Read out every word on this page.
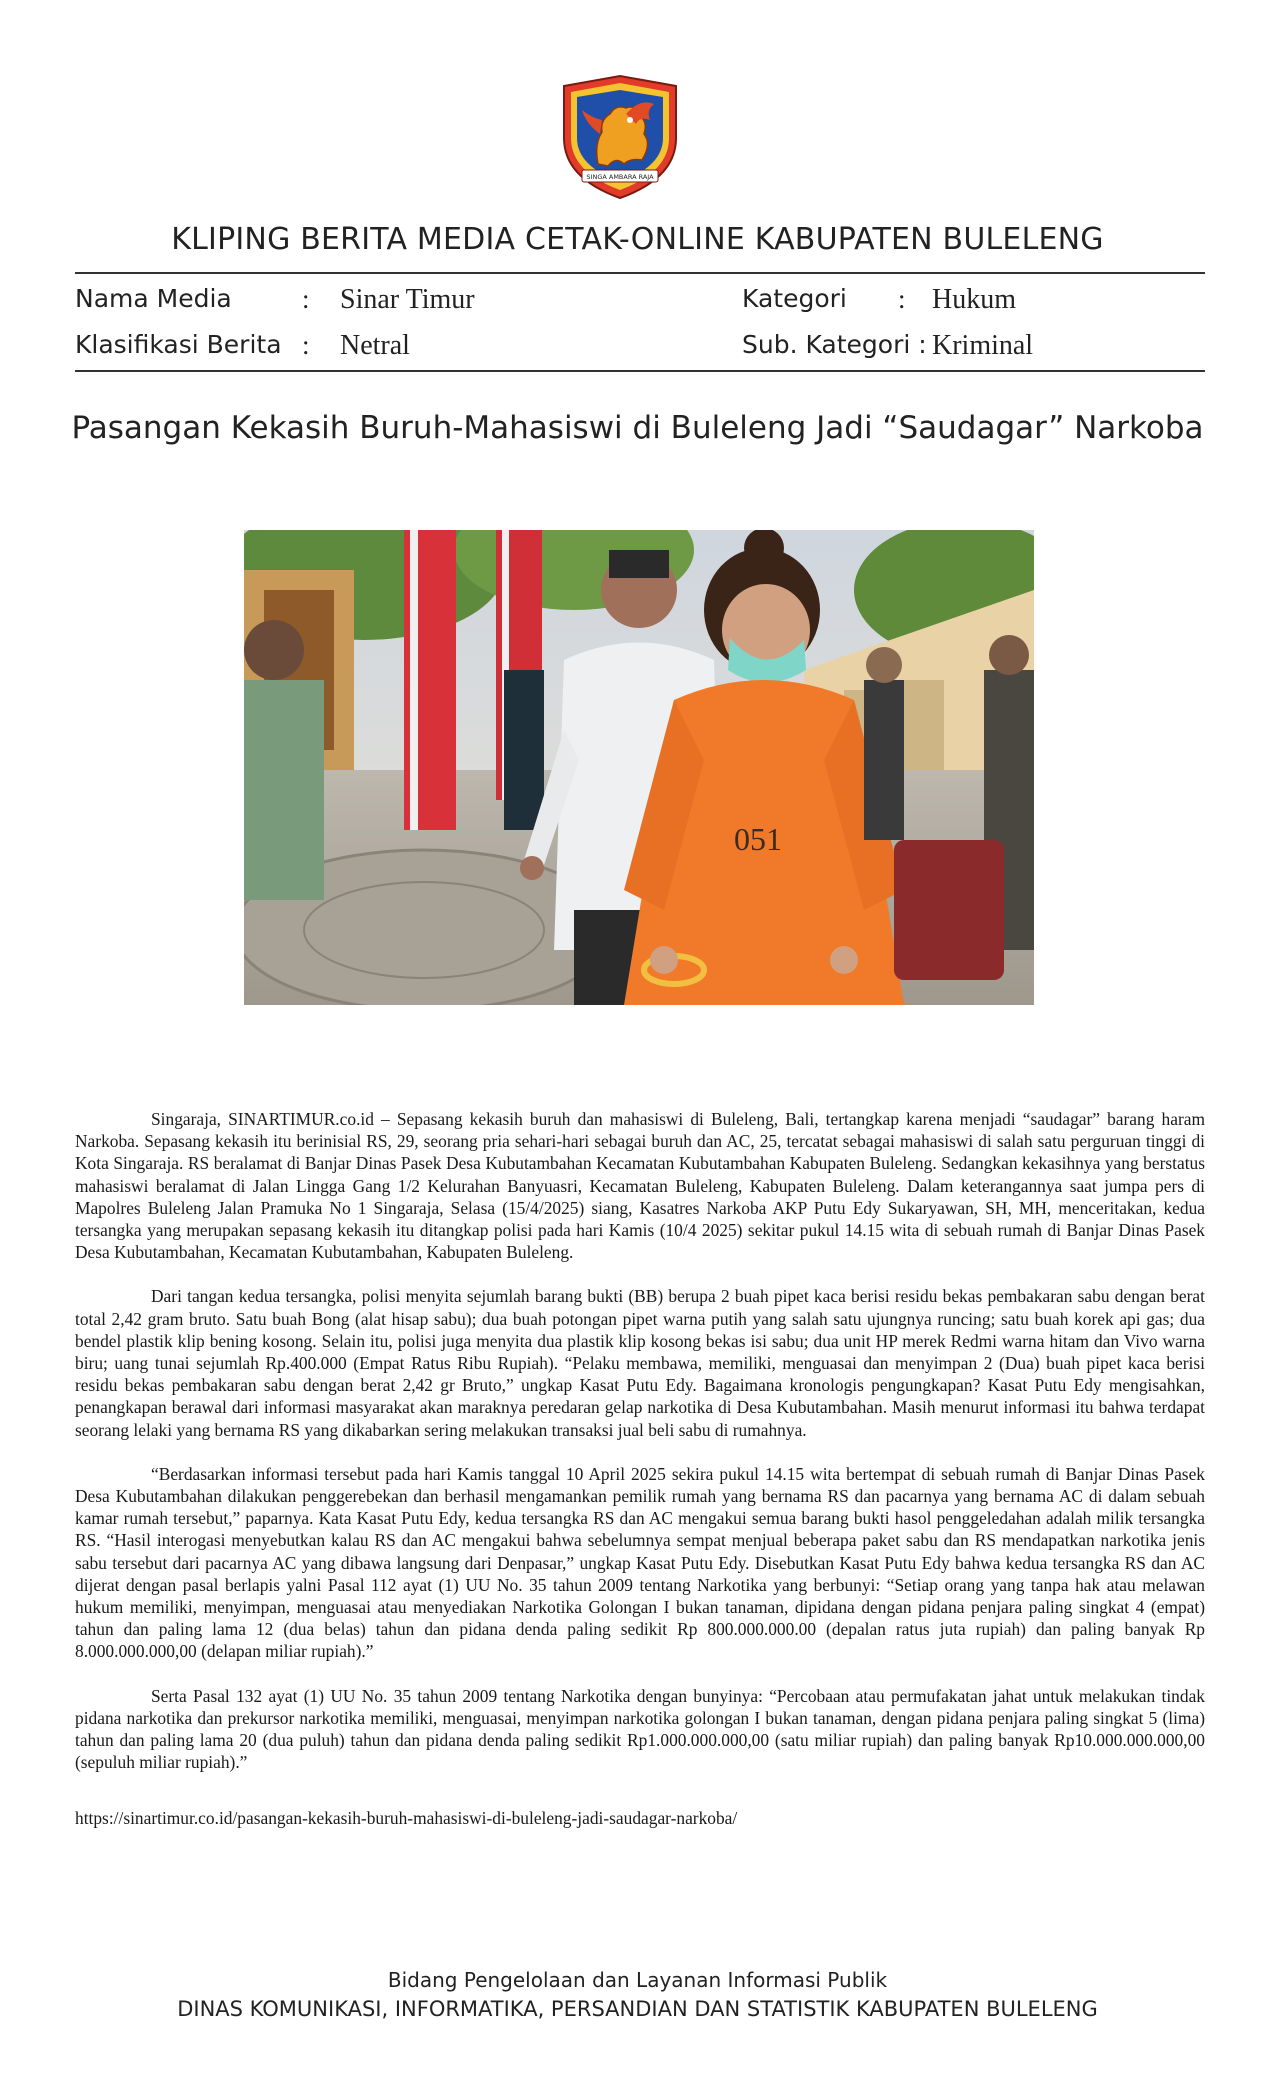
SINGA AMBARA RAJA
KLIPING BERITA MEDIA CETAK-ONLINE KABUPATEN BULELENG
Nama Media	: Sinar Timur
Klasifikasi Berita : Netral
Kategori : Hukum
Sub. Kategori : Kriminal
Pasangan Kekasih Buruh-Mahasiswi di Buleleng Jadi “Saudagar” Narkoba
051

Singaraja, SINARTIMUR.co.id – Sepasang kekasih buruh dan mahasiswi di Buleleng, Bali, tertangkap karena menjadi “saudagar” barang haram Narkoba. Sepasang kekasih itu berinisial RS, 29, seorang pria sehari-hari sebagai buruh dan AC, 25, tercatat sebagai mahasiswi di salah satu perguruan tinggi di Kota Singaraja. RS beralamat di Banjar Dinas Pasek Desa Kubutambahan Kecamatan Kubutambahan Kabupaten Buleleng. Sedangkan kekasihnya yang berstatus mahasiswi beralamat di Jalan Lingga Gang 1/2 Kelurahan Banyuasri, Kecamatan Buleleng, Kabupaten Buleleng. Dalam keterangannya saat jumpa pers di Mapolres Buleleng Jalan Pramuka No 1 Singaraja, Selasa (15/4/2025) siang, Kasatres Narkoba AKP Putu Edy Sukaryawan, SH, MH, menceritakan, kedua tersangka yang merupakan sepasang kekasih itu ditangkap polisi pada hari Kamis (10/4 2025) sekitar pukul 14.15 wita di sebuah rumah di Banjar Dinas Pasek Desa Kubutambahan, Kecamatan Kubutambahan, Kabupaten Buleleng.

Dari tangan kedua tersangka, polisi menyita sejumlah barang bukti (BB) berupa 2 buah pipet kaca berisi residu bekas pembakaran sabu dengan berat total 2,42 gram bruto. Satu buah Bong (alat hisap sabu); dua buah potongan pipet warna putih yang salah satu ujungnya runcing; satu buah korek api gas; dua bendel plastik klip bening kosong. Selain itu, polisi juga menyita dua plastik klip kosong bekas isi sabu; dua unit HP merek Redmi warna hitam dan Vivo warna biru; uang tunai sejumlah Rp.400.000 (Empat Ratus Ribu Rupiah). “Pelaku membawa, memiliki, menguasai dan menyimpan 2 (Dua) buah pipet kaca berisi residu bekas pembakaran sabu dengan berat 2,42 gr Bruto,” ungkap Kasat Putu Edy. Bagaimana kronologis pengungkapan? Kasat Putu Edy mengisahkan, penangkapan berawal dari informasi masyarakat akan maraknya peredaran gelap narkotika di Desa Kubutambahan. Masih menurut informasi itu bahwa terdapat seorang lelaki yang bernama RS yang dikabarkan sering melakukan transaksi jual beli sabu di rumahnya.

“Berdasarkan informasi tersebut pada hari Kamis tanggal 10 April 2025 sekira pukul 14.15 wita bertempat di sebuah rumah di Banjar Dinas Pasek Desa Kubutambahan dilakukan penggerebekan dan berhasil mengamankan pemilik rumah yang bernama RS dan pacarnya yang bernama AC di dalam sebuah kamar rumah tersebut,” paparnya. Kata Kasat Putu Edy, kedua tersangka RS dan AC mengakui semua barang bukti hasol penggeledahan adalah milik tersangka RS. “Hasil interogasi menyebutkan kalau RS dan AC mengakui bahwa sebelumnya sempat menjual beberapa paket sabu dan RS mendapatkan narkotika jenis sabu tersebut dari pacarnya AC yang dibawa langsung dari Denpasar,” ungkap Kasat Putu Edy. Disebutkan Kasat Putu Edy bahwa kedua tersangka RS dan AC dijerat dengan pasal berlapis yalni Pasal 112 ayat (1) UU No. 35 tahun 2009 tentang Narkotika yang berbunyi: “Setiap orang yang tanpa hak atau melawan hukum memiliki, menyimpan, menguasai atau menyediakan Narkotika Golongan I bukan tanaman, dipidana dengan pidana penjara paling singkat 4 (empat) tahun dan paling lama 12 (dua belas) tahun dan pidana denda paling sedikit Rp 800.000.000.00 (depalan ratus juta rupiah) dan paling banyak Rp 8.000.000.000,00 (delapan miliar rupiah).”

Serta Pasal 132 ayat (1) UU No. 35 tahun 2009 tentang Narkotika dengan bunyinya: “Percobaan atau permufakatan jahat untuk melakukan tindak pidana narkotika dan prekursor narkotika memiliki, menguasai, menyimpan narkotika golongan I bukan tanaman, dengan pidana penjara paling singkat 5 (lima) tahun dan paling lama 20 (dua puluh) tahun dan pidana denda paling sedikit Rp1.000.000.000,00 (satu miliar rupiah) dan paling banyak Rp10.000.000.000,00 (sepuluh miliar rupiah).”

https://sinartimur.co.id/pasangan-kekasih-buruh-mahasiswi-di-buleleng-jadi-saudagar-narkoba/
Bidang Pengelolaan dan Layanan Informasi Publik
DINAS KOMUNIKASI, INFORMATIKA, PERSANDIAN DAN STATISTIK KABUPATEN BULELENG
